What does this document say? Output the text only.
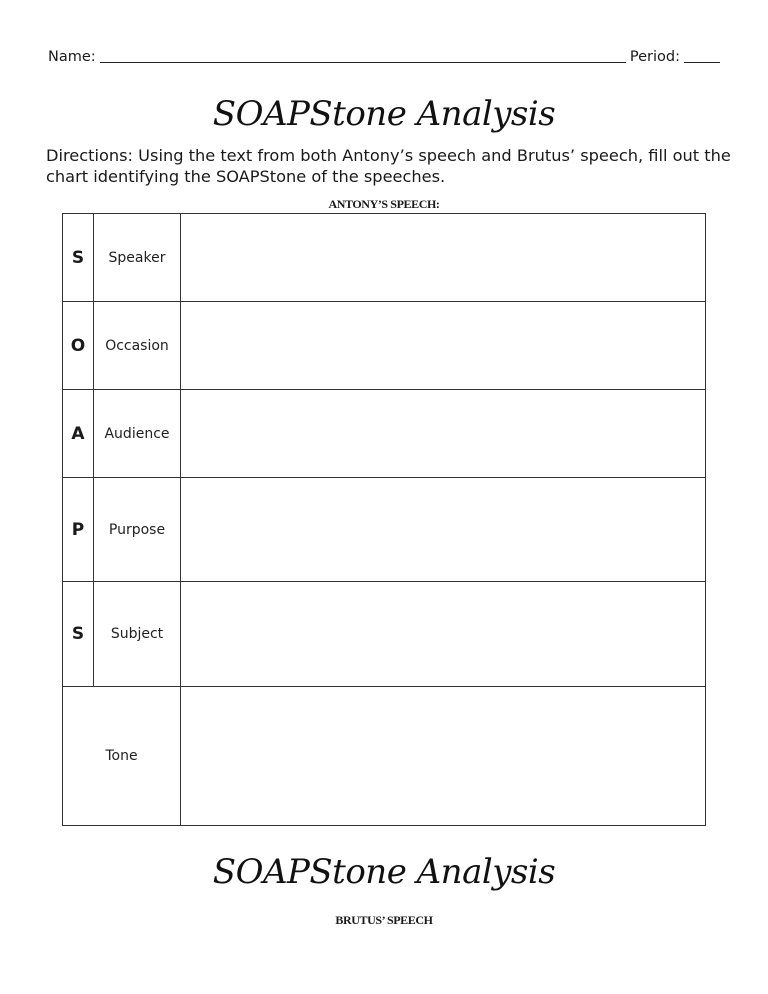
Name:	Period:
SOAPStone Analysis
Directions: Using the text from both Antony’s speech and Brutus’ speech, fill out the chart identifying the SOAPStone of the speeches.
ANTONY’S SPEECH:
S	Speaker	
O	Occasion	
A	Audience	
P	Purpose	
S	Subject	
Tone		
SOAPStone Analysis
BRUTUS’ SPEECH
